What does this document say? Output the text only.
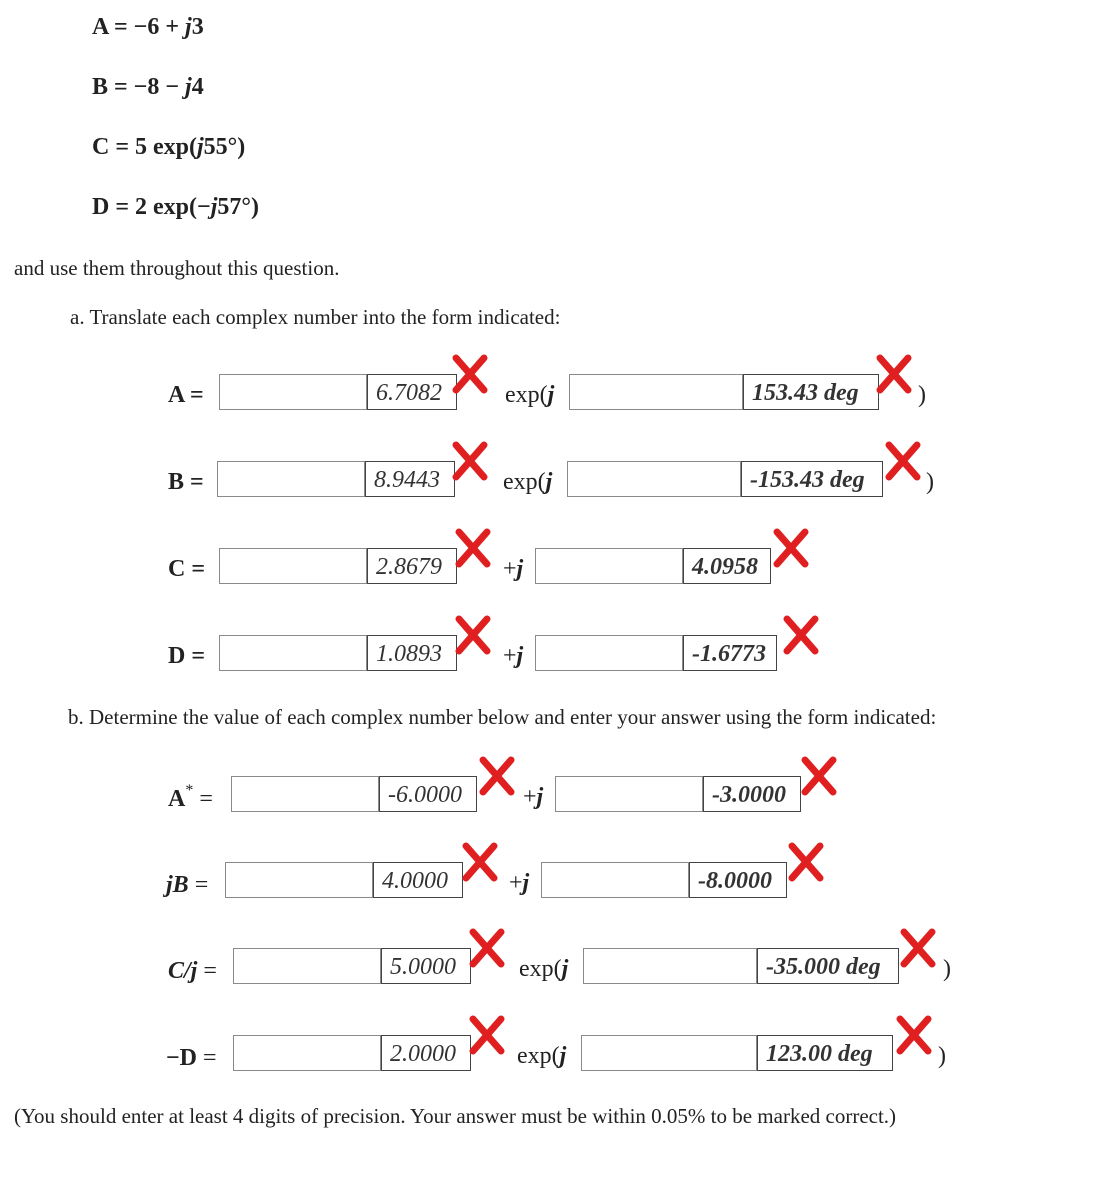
A = −6 + j3
B = −8 − j4
C = 5 exp(j55°)
D = 2 exp(−j57°)
and use them throughout this question.
a. Translate each complex number into the form indicated:
A =	6.7082	exp(j	153.43 deg	)
B =	8.9443	exp(j	-153.43 deg	)
C =	2.8679	+j	4.0958
D =	1.0893	+j	-1.6773
b. Determine the value of each complex number below and enter your answer using the form indicated:
A* =	-6.0000	+j	-3.0000
jB =	4.0000	+j	-8.0000
C/j =	5.0000	exp(j	-35.000 deg	)
−D =	2.0000	exp(j	123.00 deg	)
(You should enter at least 4 digits of precision. Your answer must be within 0.05% to be marked correct.)
